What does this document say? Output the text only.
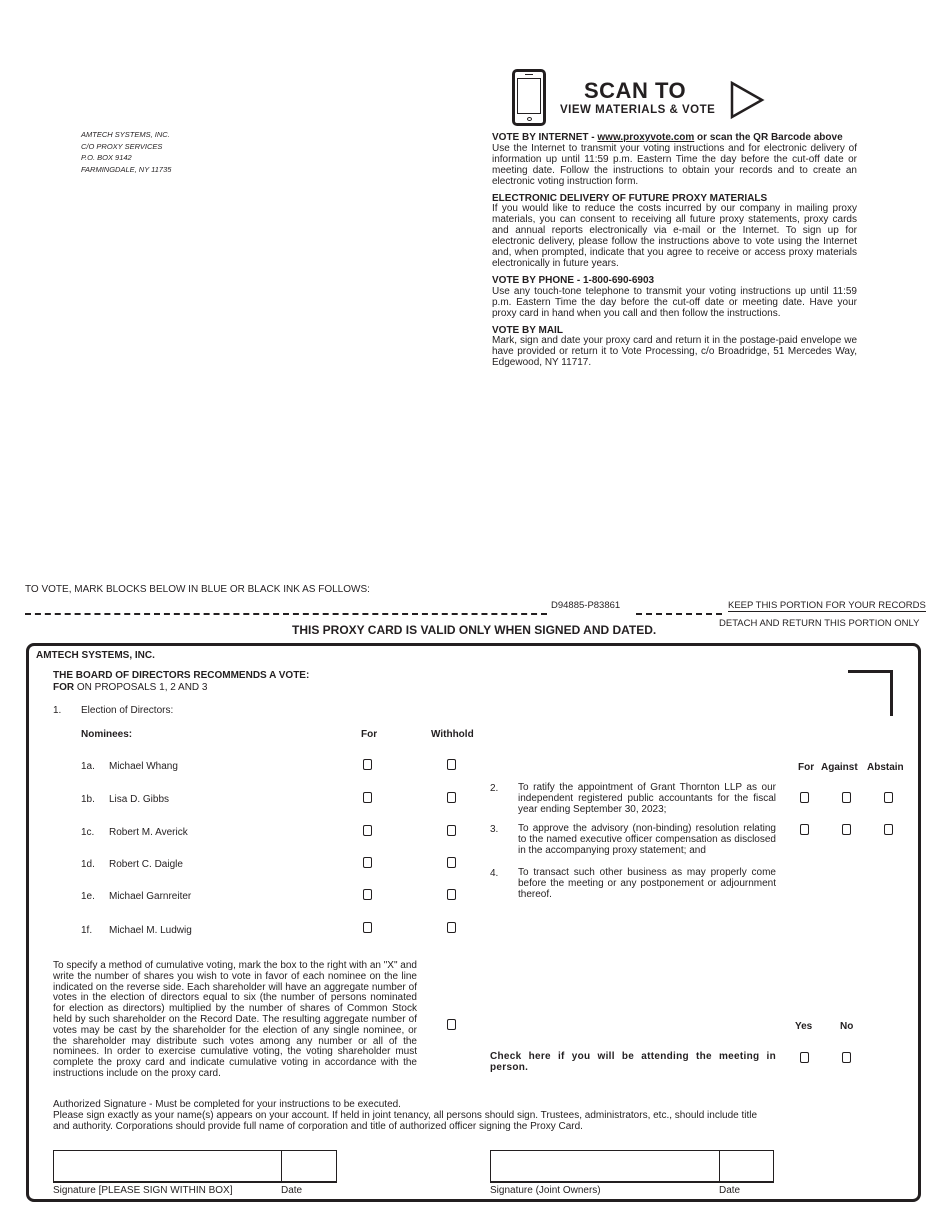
AMTECH SYSTEMS, INC.
C/O PROXY SERVICES
P.O. BOX 9142
FARMINGDALE, NY 11735
SCAN TO
VIEW MATERIALS & VOTE
VOTE BY INTERNET - www.proxyvote.com or scan the QR Barcode above
Use the Internet to transmit your voting instructions and for electronic delivery of information up until 11:59 p.m. Eastern Time the day before the cut-off date or meeting date. Follow the instructions to obtain your records and to create an electronic voting instruction form.
ELECTRONIC DELIVERY OF FUTURE PROXY MATERIALS
If you would like to reduce the costs incurred by our company in mailing proxy materials, you can consent to receiving all future proxy statements, proxy cards and annual reports electronically via e-mail or the Internet. To sign up for electronic delivery, please follow the instructions above to vote using the Internet and, when prompted, indicate that you agree to receive or access proxy materials electronically in future years.
VOTE BY PHONE - 1-800-690-6903
Use any touch-tone telephone to transmit your voting instructions up until 11:59 p.m. Eastern Time the day before the cut-off date or meeting date. Have your proxy card in hand when you call and then follow the instructions.
VOTE BY MAIL
Mark, sign and date your proxy card and return it in the postage-paid envelope we have provided or return it to Vote Processing, c/o Broadridge, 51 Mercedes Way, Edgewood, NY 11717.
TO VOTE, MARK BLOCKS BELOW IN BLUE OR BLACK INK AS FOLLOWS:
D94885-P83861	KEEP THIS PORTION FOR YOUR RECORDS
DETACH AND RETURN THIS PORTION ONLY
THIS PROXY CARD IS VALID ONLY WHEN SIGNED AND DATED.
AMTECH SYSTEMS, INC.
THE BOARD OF DIRECTORS RECOMMENDS A VOTE:
FOR ON PROPOSALS 1, 2 AND 3
1. Election of Directors:
Nominees:	For	Withhold
1a. Michael Whang
1b. Lisa D. Gibbs
1c. Robert M. Averick
1d. Robert C. Daigle
1e. Michael Garnreiter
1f. Michael M. Ludwig
For Against Abstain
2. To ratify the appointment of Grant Thornton LLP as our independent registered public accountants for the fiscal year ending September 30, 2023;
3. To approve the advisory (non-binding) resolution relating to the named executive officer compensation as disclosed in the accompanying proxy statement; and
4. To transact such other business as may properly come before the meeting or any postponement or adjournment thereof.
To specify a method of cumulative voting, mark the box to the right with an "X" and write the number of shares you wish to vote in favor of each nominee on the line indicated on the reverse side. Each shareholder will have an aggregate number of votes in the election of directors equal to six (the number of persons nominated for election as directors) multiplied by the number of shares of Common Stock held by such shareholder on the Record Date. The resulting aggregate number of votes may be cast by the shareholder for the election of any single nominee, or the shareholder may distribute such votes among any number or all of the nominees. In order to exercise cumulative voting, the voting shareholder must complete the proxy card and indicate cumulative voting in accordance with the instructions include on the proxy card.
Yes	No
Check here if you will be attending the meeting in person.
Authorized Signature - Must be completed for your instructions to be executed.
Please sign exactly as your name(s) appears on your account. If held in joint tenancy, all persons should sign. Trustees, administrators, etc., should include title and authority. Corporations should provide full name of corporation and title of authorized officer signing the Proxy Card.
Signature [PLEASE SIGN WITHIN BOX]	Date	Signature (Joint Owners)	Date
